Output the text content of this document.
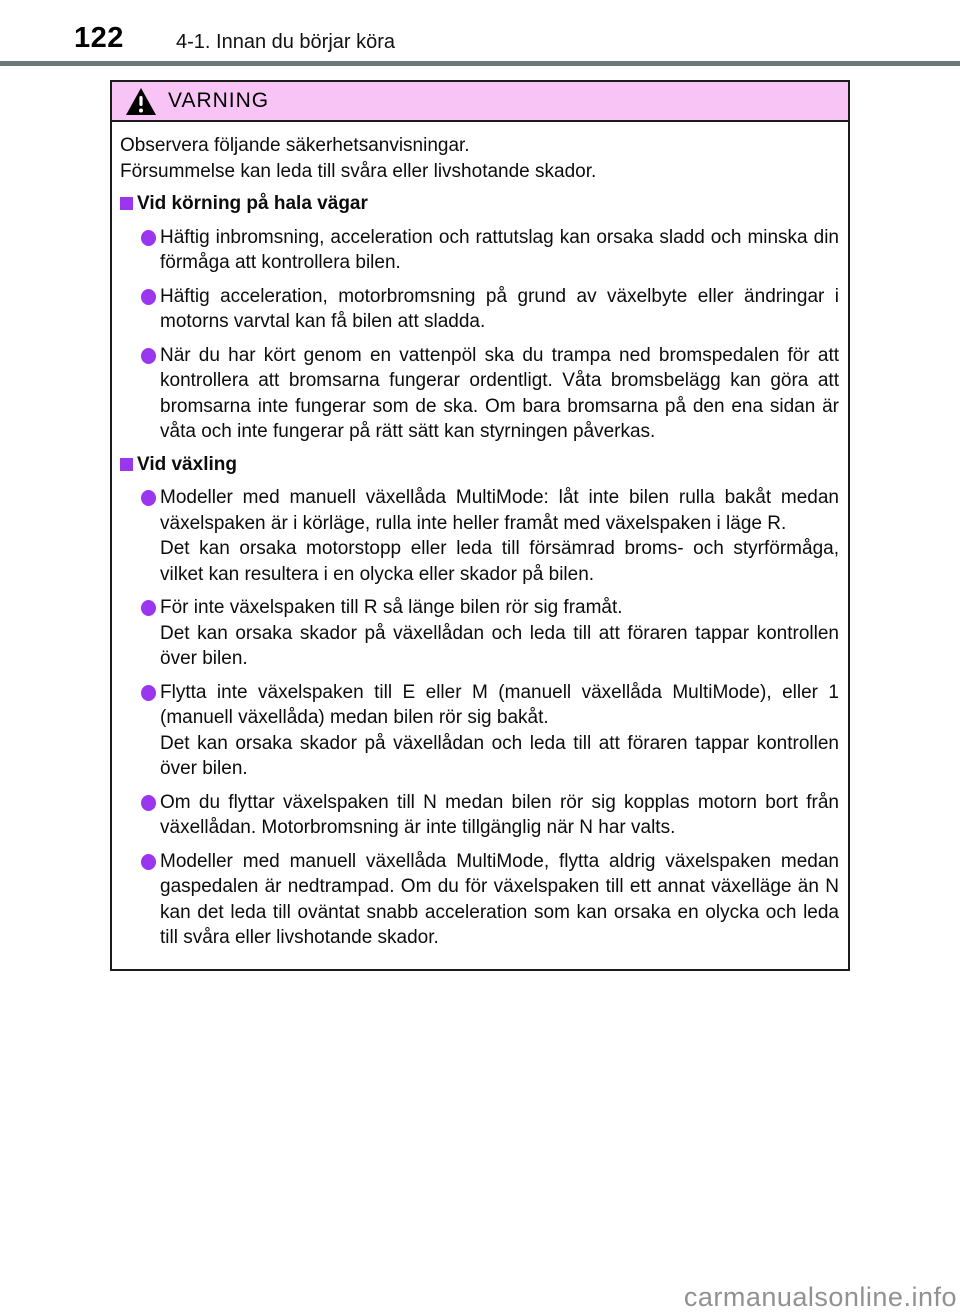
122	4-1. Innan du börjar köra
VARNING
Observera följande säkerhetsanvisningar.
Försummelse kan leda till svåra eller livshotande skador.
Vid körning på hala vägar
Häftig inbromsning, acceleration och rattutslag kan orsaka sladd och minska din förmåga att kontrollera bilen.
Häftig acceleration, motorbromsning på grund av växelbyte eller ändringar i motorns varvtal kan få bilen att sladda.
När du har kört genom en vattenpöl ska du trampa ned bromspedalen för att kontrollera att bromsarna fungerar ordentligt. Våta bromsbelägg kan göra att bromsarna inte fungerar som de ska. Om bara bromsarna på den ena sidan är våta och inte fungerar på rätt sätt kan styrningen påverkas.
Vid växling
Modeller med manuell växellåda MultiMode: låt inte bilen rulla bakåt medan växelspaken är i körläge, rulla inte heller framåt med växelspaken i läge R.
Det kan orsaka motorstopp eller leda till försämrad broms- och styrförmåga, vilket kan resultera i en olycka eller skador på bilen.
För inte växelspaken till R så länge bilen rör sig framåt.
Det kan orsaka skador på växellådan och leda till att föraren tappar kontrollen över bilen.
Flytta inte växelspaken till E eller M (manuell växellåda MultiMode), eller 1 (manuell växellåda) medan bilen rör sig bakåt.
Det kan orsaka skador på växellådan och leda till att föraren tappar kontrollen över bilen.
Om du flyttar växelspaken till N medan bilen rör sig kopplas motorn bort från växellådan. Motorbromsning är inte tillgänglig när N har valts.
Modeller med manuell växellåda MultiMode, flytta aldrig växelspaken medan gaspedalen är nedtrampad. Om du för växelspaken till ett annat växelläge än N kan det leda till oväntat snabb acceleration som kan orsaka en olycka och leda till svåra eller livshotande skador.
carmanualsonline.info
